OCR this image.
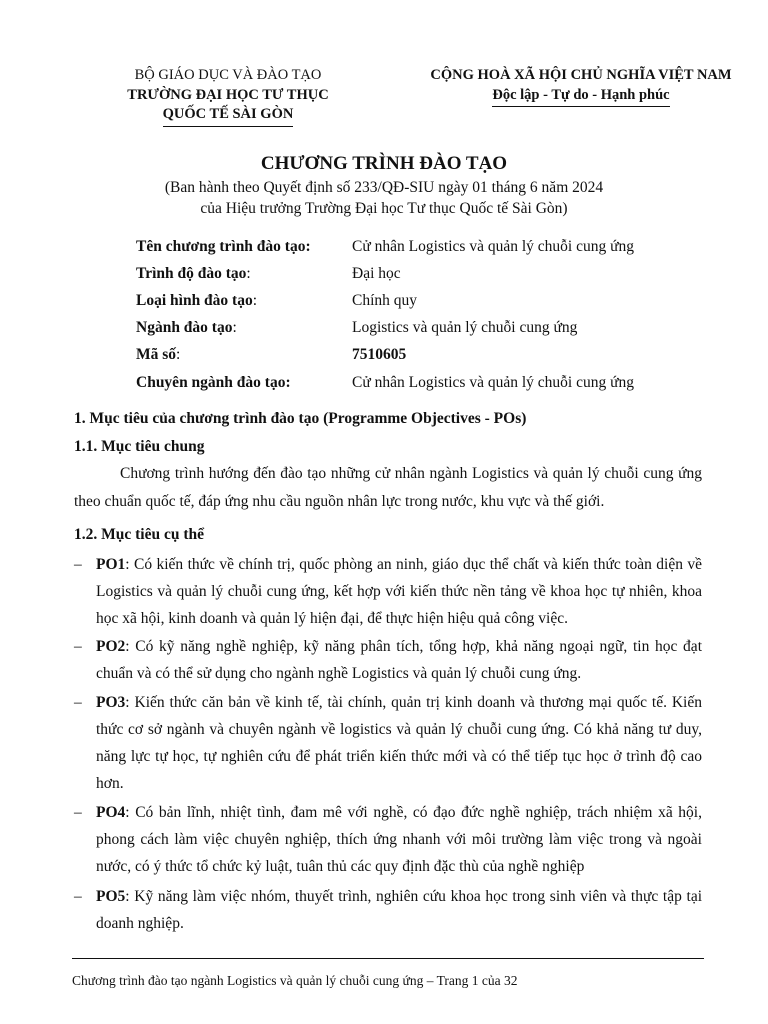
BỘ GIÁO DỤC VÀ ĐÀO TẠO
TRƯỜNG ĐẠI HỌC TƯ THỤC
QUỐC TẾ SÀI GÒN
CỘNG HOÀ XÃ HỘI CHỦ NGHĨA VIỆT NAM
Độc lập - Tự do - Hạnh phúc
CHƯƠNG TRÌNH ĐÀO TẠO
(Ban hành theo Quyết định số 233/QĐ-SIU ngày 01 tháng 6 năm 2024
của Hiệu trưởng Trường Đại học Tư thục Quốc tế Sài Gòn)
Tên chương trình đào tạo:	Cử nhân Logistics và quản lý chuỗi cung ứng
Trình độ đào tạo:	Đại học
Loại hình đào tạo:	Chính quy
Ngành đào tạo:	Logistics và quản lý chuỗi cung ứng
Mã số:	7510605
Chuyên ngành đào tạo:	Cử nhân Logistics và quản lý chuỗi cung ứng
1. Mục tiêu của chương trình đào tạo (Programme Objectives - POs)
1.1. Mục tiêu chung
Chương trình hướng đến đào tạo những cử nhân ngành Logistics và quản lý chuỗi cung ứng theo chuẩn quốc tế, đáp ứng nhu cầu nguồn nhân lực trong nước, khu vực và thế giới.
1.2. Mục tiêu cụ thể
– PO1: Có kiến thức về chính trị, quốc phòng an ninh, giáo dục thể chất và kiến thức toàn diện về Logistics và quản lý chuỗi cung ứng, kết hợp với kiến thức nền tảng về khoa học tự nhiên, khoa học xã hội, kinh doanh và quản lý hiện đại, để thực hiện hiệu quả công việc.
– PO2: Có kỹ năng nghề nghiệp, kỹ năng phân tích, tổng hợp, khả năng ngoại ngữ, tin học đạt chuẩn và có thể sử dụng cho ngành nghề Logistics và quản lý chuỗi cung ứng.
– PO3: Kiến thức căn bản về kinh tế, tài chính, quản trị kinh doanh và thương mại quốc tế. Kiến thức cơ sở ngành và chuyên ngành về logistics và quản lý chuỗi cung ứng. Có khả năng tư duy, năng lực tự học, tự nghiên cứu để phát triển kiến thức mới và có thể tiếp tục học ở trình độ cao hơn.
– PO4: Có bản lĩnh, nhiệt tình, đam mê với nghề, có đạo đức nghề nghiệp, trách nhiệm xã hội, phong cách làm việc chuyên nghiệp, thích ứng nhanh với môi trường làm việc trong và ngoài nước, có ý thức tổ chức kỷ luật, tuân thủ các quy định đặc thù của nghề nghiệp
– PO5: Kỹ năng làm việc nhóm, thuyết trình, nghiên cứu khoa học trong sinh viên và thực tập tại doanh nghiệp.
Chương trình đào tạo ngành Logistics và quản lý chuỗi cung ứng – Trang 1 của 32
